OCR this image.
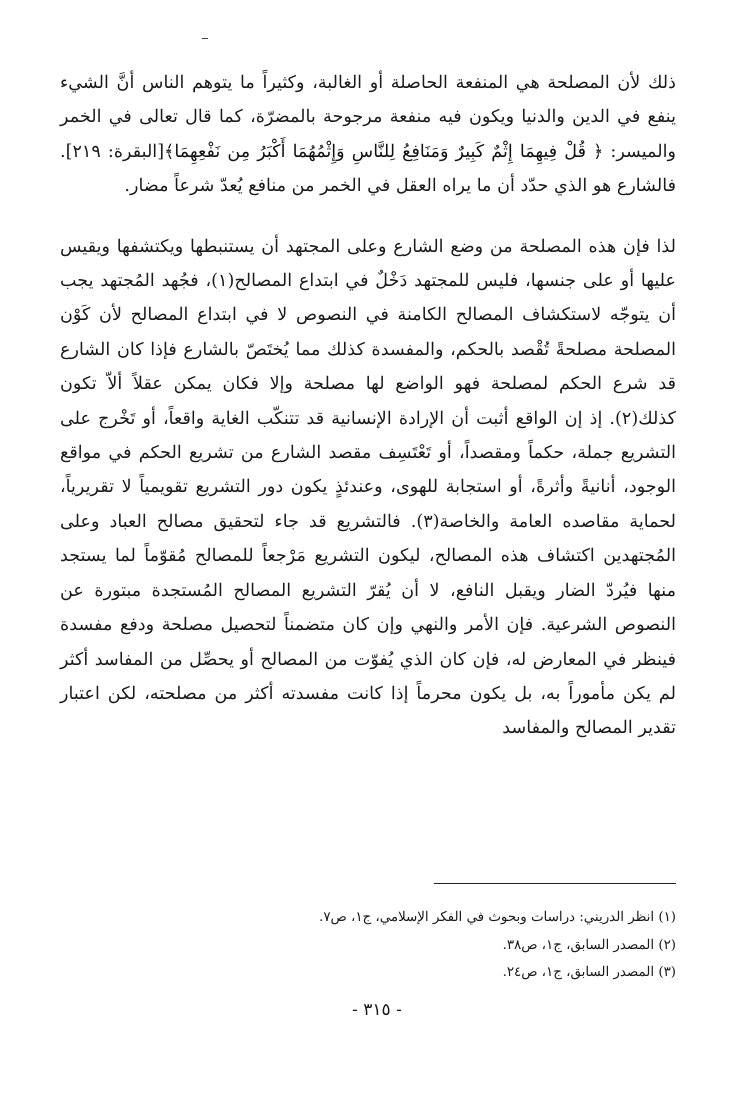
ذلك لأن المصلحة هي المنفعة الحاصلة أو الغالبة، وكثيراً ما يتوهم الناس أنَّ الشيء ينفع في الدين والدنيا ويكون فيه منفعة مرجوحة بالمضرّة، كما قال تعالى في الخمر والميسر: ﴿ قُلْ فِيهِمَا إِثْمٌ كَبِيرٌ وَمَنَافِعُ لِلنَّاسِ وَإِثْمُهُمَا أَكْبَرُ مِن نَفْعِهِمَا﴾[البقرة: ٢١٩]. فالشارع هو الذي حدّد أن ما يراه العقل في الخمر من منافع يُعدّ شرعاً مضار.

لذا فإن هذه المصلحة من وضع الشارع وعلى المجتهد أن يستنبطها ويكتشفها ويقيس عليها أو على جنسها، فليس للمجتهد دَخْلٌ في ابتداع المصالح(١)، فجُهد المُجتهد يجب أن يتوجّه لاستكشاف المصالح الكامنة في النصوص لا في ابتداع المصالح لأن كَوْن المصلحة مصلحةً تُقْصد بالحكم، والمفسدة كذلك مما يُختَصّ بالشارع فإذا كان الشارع قد شرع الحكم لمصلحة فهو الواضع لها مصلحة وإلا فكان يمكن عقلاً ألاّ تكون كذلك(٢). إذ إن الواقع أثبت أن الإرادة الإنسانية قد تتنكّب الغاية واقعاً، أو تَخْرج على التشريع جملة، حكماً ومقصداً، أو تَعْتَسِف مقصد الشارع من تشريع الحكم في مواقع الوجود، أنانيةً وأثرةً، أو استجابة للهوى، وعندئذٍ يكون دور التشريع تقويمياً لا تقريرياً، لحماية مقاصده العامة والخاصة(٣). فالتشريع قد جاء لتحقيق مصالح العباد وعلى المُجتهدين اكتشاف هذه المصالح، ليكون التشريع مَرْجعاً للمصالح مُقوّماً لما يستجد منها فيُردّ الضار ويقبل النافع، لا أن يُقرّ التشريع المصالح المُستجدة مبتورة عن النصوص الشرعية. فإن الأمر والنهي وإن كان متضمناً لتحصيل مصلحة ودفع مفسدة فينظر في المعارض له، فإن كان الذي يُفوّت من المصالح أو يحصِّل من المفاسد أكثر لم يكن مأموراً به، بل يكون محرماً إذا كانت مفسدته أكثر من مصلحته، لكن اعتبار تقدير المصالح والمفاسد

(١) انظر الدريني: دراسات وبحوث في الفكر الإسلامي، ج١، ص٧.
(٢) المصدر السابق، ج١، ص٣٨.
(٣) المصدر السابق، ج١، ص٢٤.
- ٣١٥ -
